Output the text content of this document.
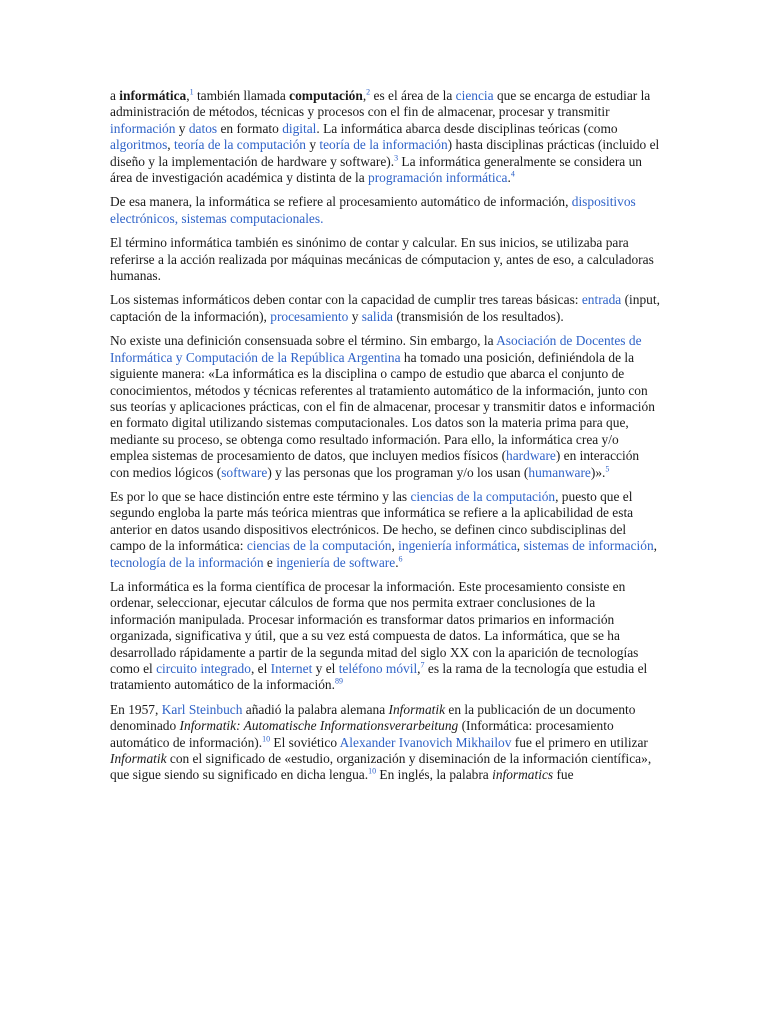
a informática,$^1$ también llamada computación,$^2$ es el área de la ciencia que se encarga de estudiar la administración de métodos, técnicas y procesos con el fin de almacenar, procesar y transmitir información y datos en formato digital. La informática abarca desde disciplinas teóricas (como algoritmos, teoría de la computación y teoría de la información) hasta disciplinas prácticas (incluido el diseño y la implementación de hardware y software).$^3$ La informática generalmente se considera un área de investigación académica y distinta de la programación informática.$^4$

De esa manera, la informática se refiere al procesamiento automático de información, dispositivos electrónicos, sistemas computacionales.

El término informática también es sinónimo de contar y calcular. En sus inicios, se utilizaba para referirse a la acción realizada por máquinas mecánicas de cómputacion y, antes de eso, a calculadoras humanas.

Los sistemas informáticos deben contar con la capacidad de cumplir tres tareas básicas: entrada (input, captación de la información), procesamiento y salida (transmisión de los resultados).

No existe una definición consensuada sobre el término. Sin embargo, la Asociación de Docentes de Informática y Computación de la República Argentina ha tomado una posición, definiéndola de la siguiente manera: «La informática es la disciplina o campo de estudio que abarca el conjunto de conocimientos, métodos y técnicas referentes al tratamiento automático de la información, junto con sus teorías y aplicaciones prácticas, con el fin de almacenar, procesar y transmitir datos e información en formato digital utilizando sistemas computacionales. Los datos son la materia prima para que, mediante su proceso, se obtenga como resultado información. Para ello, la informática crea y/o emplea sistemas de procesamiento de datos, que incluyen medios físicos (hardware) en interacción con medios lógicos (software) y las personas que los programan y/o los usan (humanware)».$^5$

Es por lo que se hace distinción entre este término y las ciencias de la computación, puesto que el segundo engloba la parte más teórica mientras que informática se refiere a la aplicabilidad de esta anterior en datos usando dispositivos electrónicos. De hecho, se definen cinco subdisciplinas del campo de la informática: ciencias de la computación, ingeniería informática, sistemas de información, tecnología de la información e ingeniería de software.$^6$

La informática es la forma científica de procesar la información. Este procesamiento consiste en ordenar, seleccionar, ejecutar cálculos de forma que nos permita extraer conclusiones de la información manipulada. Procesar información es transformar datos primarios en información organizada, significativa y útil, que a su vez está compuesta de datos. La informática, que se ha desarrollado rápidamente a partir de la segunda mitad del siglo XX con la aparición de tecnologías como el circuito integrado, el Internet y el teléfono móvil,$^7$ es la rama de la tecnología que estudia el tratamiento automático de la información.$^{89}$

En 1957, Karl Steinbuch añadió la palabra alemana Informatik en la publicación de un documento denominado Informatik: Automatische Informationsverarbeitung (Informática: procesamiento automático de información).$^{10}$ El soviético Alexander Ivanovich Mikhailov fue el primero en utilizar Informatik con el significado de «estudio, organización y diseminación de la información científica», que sigue siendo su significado en dicha lengua.$^{10}$ En inglés, la palabra informatics fue
